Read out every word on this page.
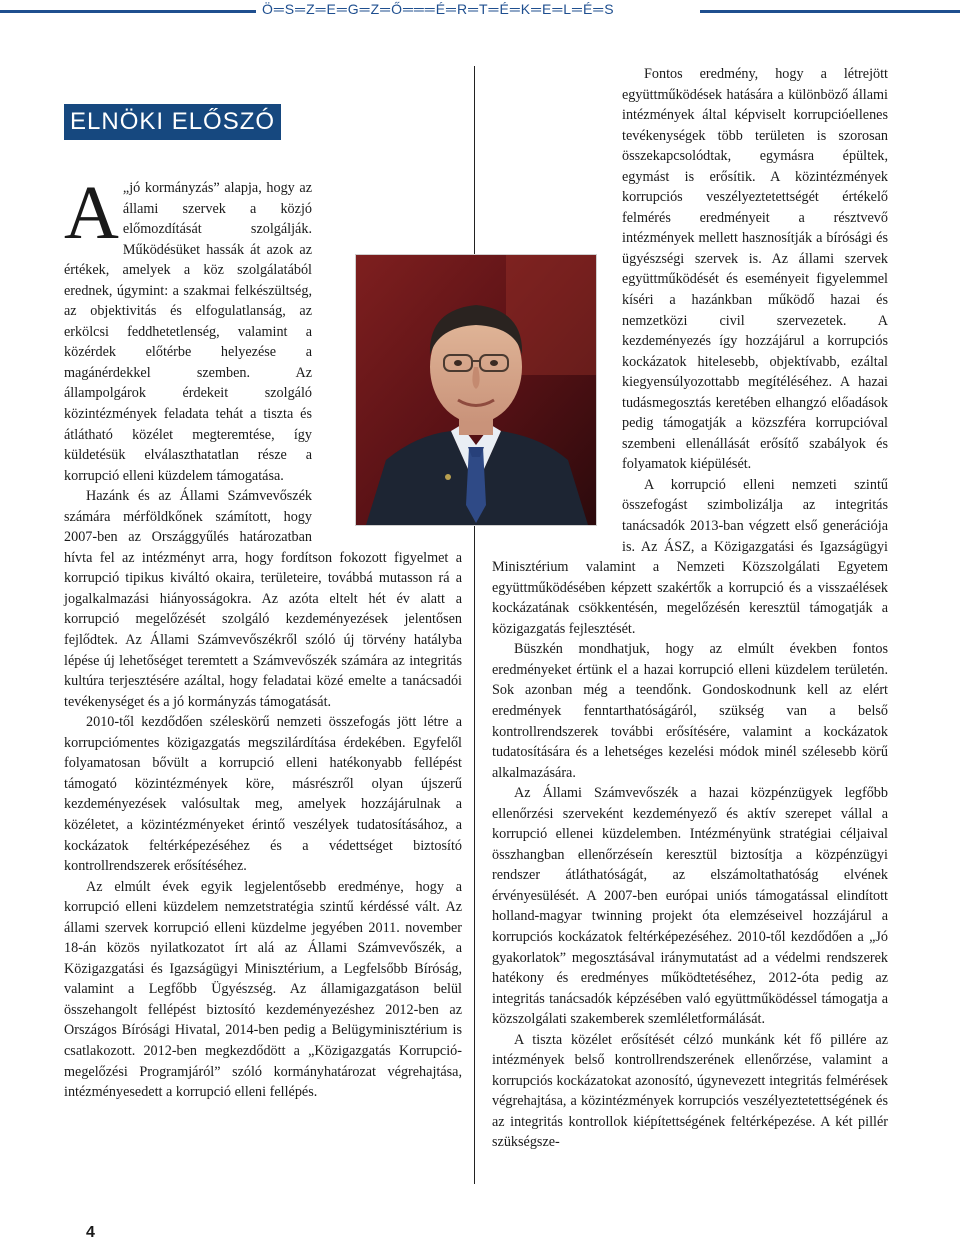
Ö═S═Z═E═G═Z═Ő═══É═R═T═É═K═E═L═É═S
ELNÖKI ELŐSZÓ

A „jó kormányzás” alapja, hogy az állami szervek a közjó előmozdítását szolgálják. Működésüket hassák át azok az értékek, amelyek a köz szolgálatából erednek, úgymint: a szakmai felkészültség, az objektivitás és elfogulatlanság, az erkölcsi feddhetetlenség, valamint a közérdek előtérbe helyezése a magánérdekkel szemben. Az állampolgárok érdekeit szolgáló közintézmények feladata tehát a tiszta és átlátható közélet megteremtése, így küldetésük elválaszthatatlan része a korrupció elleni küzdelem támogatása.

Hazánk és az Állami Számvevőszék számára mérföldkőnek számított, hogy 2007-ben az Országgyűlés határozatban hívta fel az intézményt arra, hogy fordítson fokozott figyelmet a korrupció tipikus kiváltó okaira, területeire, továbbá mutasson rá a jogalkalmazási hiányosságokra. Az azóta eltelt hét év alatt a korrupció megelőzését szolgáló kezdeményezések jelentősen fejlődtek. Az Állami Számvevőszékről szóló új törvény hatályba lépése új lehetőséget teremtett a Számvevőszék számára az integritás kultúra terjesztésére azáltal, hogy feladatai közé emelte a tanácsadói tevékenységet és a jó kormányzás támogatását.

2010-től kezdődően széleskörű nemzeti összefogás jött létre a korrupciómentes közigazgatás megszilárdítása érdekében. Egyfelől folyamatosan bővült a korrupció elleni hatékonyabb fellépést támogató közintézmények köre, másrészről olyan újszerű kezdeményezések valósultak meg, amelyek hozzájárulnak a közéletet, a közintézményeket érintő veszélyek tudatosításához, a kockázatok feltérképezéséhez és a védettséget biztosító kontrollrendszerek erősítéséhez.

Az elmúlt évek egyik legjelentősebb eredménye, hogy a korrupció elleni küzdelem nemzetstratégia szintű kérdéssé vált. Az állami szervek korrupció elleni küzdelme jegyében 2011. november 18-án közös nyilatkozatot írt alá az Állami Számvevőszék, a Közigazgatási és Igazságügyi Minisztérium, a Legfelsőbb Bíróság, valamint a Legfőbb Ügyészség. Az államigazgatáson belül összehangolt fellépést biztosító kezdeményezéshez 2012-ben az Országos Bírósági Hivatal, 2014-ben pedig a Belügyminisztérium is csatlakozott. 2012-ben megkezdődött a „Közigazgatás Korrupció-megelőzési Programjáról” szóló kormányhatározat végrehajtása, intézményesedett a korrupció elleni fellépés.

Fontos eredmény, hogy a létrejött együttműködések hatására a különböző állami intézmények által képviselt korrupcióellenes tevékenységek több területen is szorosan összekapcsolódtak, egymásra épültek, egymást is erősítik. A közintézmények korrupciós veszélyeztetettségét értékelő felmérés eredményeit a résztvevő intézmények mellett hasznosítják a bírósági és ügyészségi szervek is. Az állami szervek együttműködését és eseményeit figyelemmel kíséri a hazánkban működő hazai és nemzetközi civil szervezetek. A kezdeményezés így hozzájárul a korrupciós kockázatok hitelesebb, objektívabb, ezáltal kiegyensúlyozottabb megítéléséhez. A hazai tudásmegosztás keretében elhangzó előadások pedig támogatják a közszféra korrupcióval szembeni ellenállását erősítő szabályok és folyamatok kiépülését.

A korrupció elleni nemzeti szintű összefogást szimbolizálja az integritás tanácsadók 2013-ban végzett első generációja is. Az ÁSZ, a Közigazgatási és Igazságügyi Minisztérium valamint a Nemzeti Közszolgálati Egyetem együttműködésében képzett szakértők a korrupció és a visszaélések kockázatának csökkentésén, megelőzésén keresztül támogatják a közigazgatás fejlesztését.

Büszkén mondhatjuk, hogy az elmúlt években fontos eredményeket értünk el a hazai korrupció elleni küzdelem területén. Sok azonban még a teendőnk. Gondoskodnunk kell az elért eredmények fenntarthatóságáról, szükség van a belső kontrollrendszerek további erősítésére, valamint a kockázatok tudatosítására és a lehetséges kezelési módok minél szélesebb körű alkalmazására.

Az Állami Számvevőszék a hazai közpénzügyek legfőbb ellenőrzési szerveként kezdeményező és aktív szerepet vállal a korrupció ellenei küzdelemben. Intézményünk stratégiai céljaival összhangban ellenőrzéseín keresztül biztosítja a közpénzügyi rendszer átláthatóságát, az elszámoltathatóság elvének érvényesülését. A 2007-ben európai uniós támogatással elindított holland-magyar twinning projekt óta elemzéseivel hozzájárul a korrupciós kockázatok feltérképezéséhez. 2010-től kezdődően a „Jó gyakorlatok” megosztásával iránymutatást ad a védelmi rendszerek hatékony és eredményes működtetéséhez, 2012-óta pedig az integritás tanácsadók képzésében való együttműködéssel támogatja a közszolgálati szakemberek szemléletformálását.

A tiszta közélet erősítését célzó munkánk két fő pillére az intézmények belső kontrollrendszerének ellenőrzése, valamint a korrupciós kockázatokat azonosító, úgynevezett integritás felmérések végrehajtása, a közintézmények korrupciós veszélyeztetettségének és az integritás kontrollok kiépítettségének feltérképezése. A két pillér szükségsze-

4
